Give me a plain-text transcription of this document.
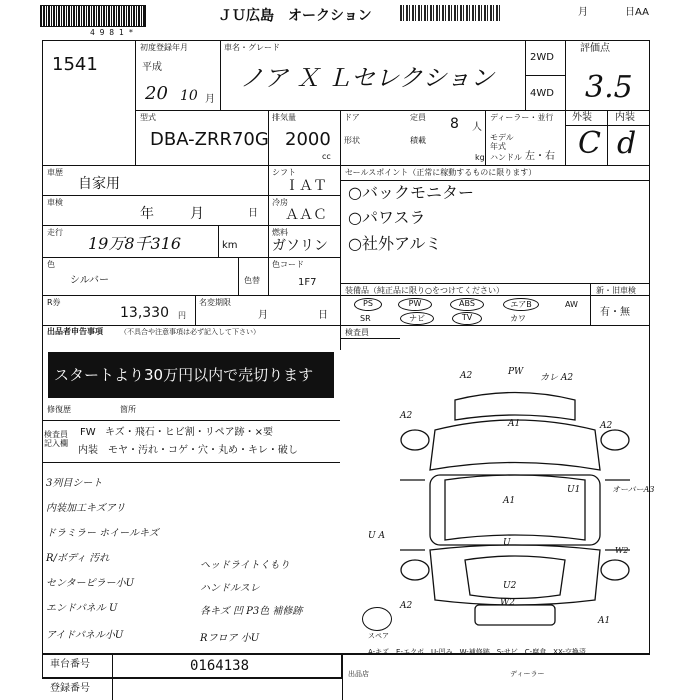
4 9 8 1 *
ＪＵ広島　オークション	月	日AA
1541
初度登録年月
平成
20 10 月
車名・グレード
ノア Ｘ Ｌセレクション
2WD
4WD
評価点
3.5
型式
DBA-ZRR70G
排気量
2000
cc
ドア	定員 8 人
形状	積載
kg
ディーラー・並行
モデル年式
ハンドル 左・右
外装 内装
C d
車歴
自家用
シフト
ＩＡＴ
車検
年	月	日
冷房
ＡＡＣ
走行
19万8千316	km
燃料
ガソリン
色
シルバー	色替
色コード
1F7
R券
13,330 円
名変期限
月	日
セールスポイント（正常に稼動するものに限ります）
○バックモニター
○パワスラ
○社外アルミ
装備品（純正品に限り○をつけてください）
PS	PW	ABS	エアB	AW
SR	ナビ	TV	カワ
新・旧車検
有・無
出品者申告事項 （不具合や注意事項は必ず記入して下さい）	検査員
スタートより30万円以内で売切ります
修復歴	箇所
検査員記入欄
FW キズ・飛石・ヒビ割・リペア跡・×要
内装　モヤ・汚れ・コゲ・穴・丸め・キレ・破し
3列目シート
内装加工キズアリ
ドラミラー ホイールキズ
R/ボディ 汚れ
センターピラー小U
エンドパネル U
アイドパネル小U
ヘッドライトくもり
ハンドルスレ
各キズ 凹 P3色 補修跡
Rフロア 小U
A2	PW
カレ A2
A2
A1	A2
A1
U1	オーバーA3
U A
W2
U
U2
W2
A2
A1
スペア
A-キズ　E-エクボ　U-凹み　W-補修跡　S-サビ　C-腐食　XX-交換済
車台番号	0164138
登録番号
出品店	ディーラー
